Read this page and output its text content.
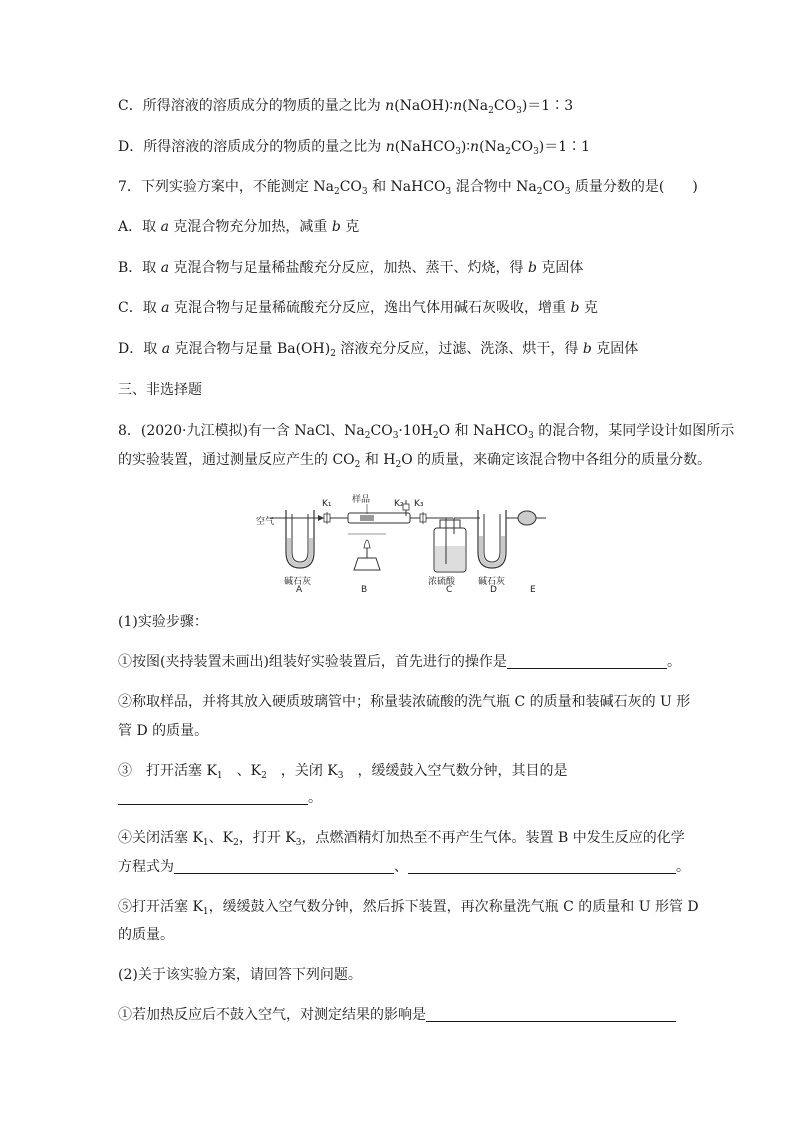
C．所得溶液的溶质成分的物质的量之比为 $n(NaOH)∶n(Na_2CO_3)=1∶3$
D．所得溶液的溶质成分的物质的量之比为 $n(NaHCO_3)∶n(Na_2CO_3)=1∶1$
7．下列实验方案中，不能测定 $Na_2CO_3$ 和 NaHCO$_3$ 混合物中 $Na_2CO_3$ 质量分数的是(　　)
A．取 a 克混合物充分加热，减重 b 克
B．取 a 克混合物与足量稀盐酸充分反应，加热、蒸干、灼烧，得 b 克固体
C．取 a 克混合物与足量稀硫酸充分反应，逸出气体用碱石灰吸收，增重 b 克
D．取 a 克混合物与足量 $Ba(OH)_2$ 溶液充分反应，过滤、洗涤、烘干，得 b 克固体
三、非选择题
8．(2020·九江模拟)有一含 NaCl、$Na_2CO_3\cdot 10H_2O$ 和 NaHCO$_3$ 的混合物，某同学设计如图所示
的实验装置，通过测量反应产生的 $CO_2$ 和 $H_2O$ 的质量，来确定该混合物中各组分的质量分数。
空气
K₁ 样品
B
K₂ K₃
浓硫酸
C
碱石灰
D	E
碱石灰
A
(1)实验步骤：
①按图(夹持装置未画出)组装好实验装置后，首先进行的操作是	。
②称取样品，并将其放入硬质玻璃管中；称量装浓硫酸的洗气瓶 C 的质量和装碱石灰的 U 形
管 D 的质量。
③　打开活塞 $K_1$　、$K_2$　，关闭 $K_3$　，缓缓鼓入空气数分钟，其目的是
。
④关闭活塞 $K_1$、$K_2$，打开 $K_3$，点燃酒精灯加热至不再产生气体。装置 B 中发生反应的化学
方程式为	、	。
⑤打开活塞 $K_1$，缓缓鼓入空气数分钟，然后拆下装置，再次称量洗气瓶 C 的质量和 U 形管 D
的质量。
(2)关于该实验方案，请回答下列问题。
①若加热反应后不鼓入空气，对测定结果的影响是
